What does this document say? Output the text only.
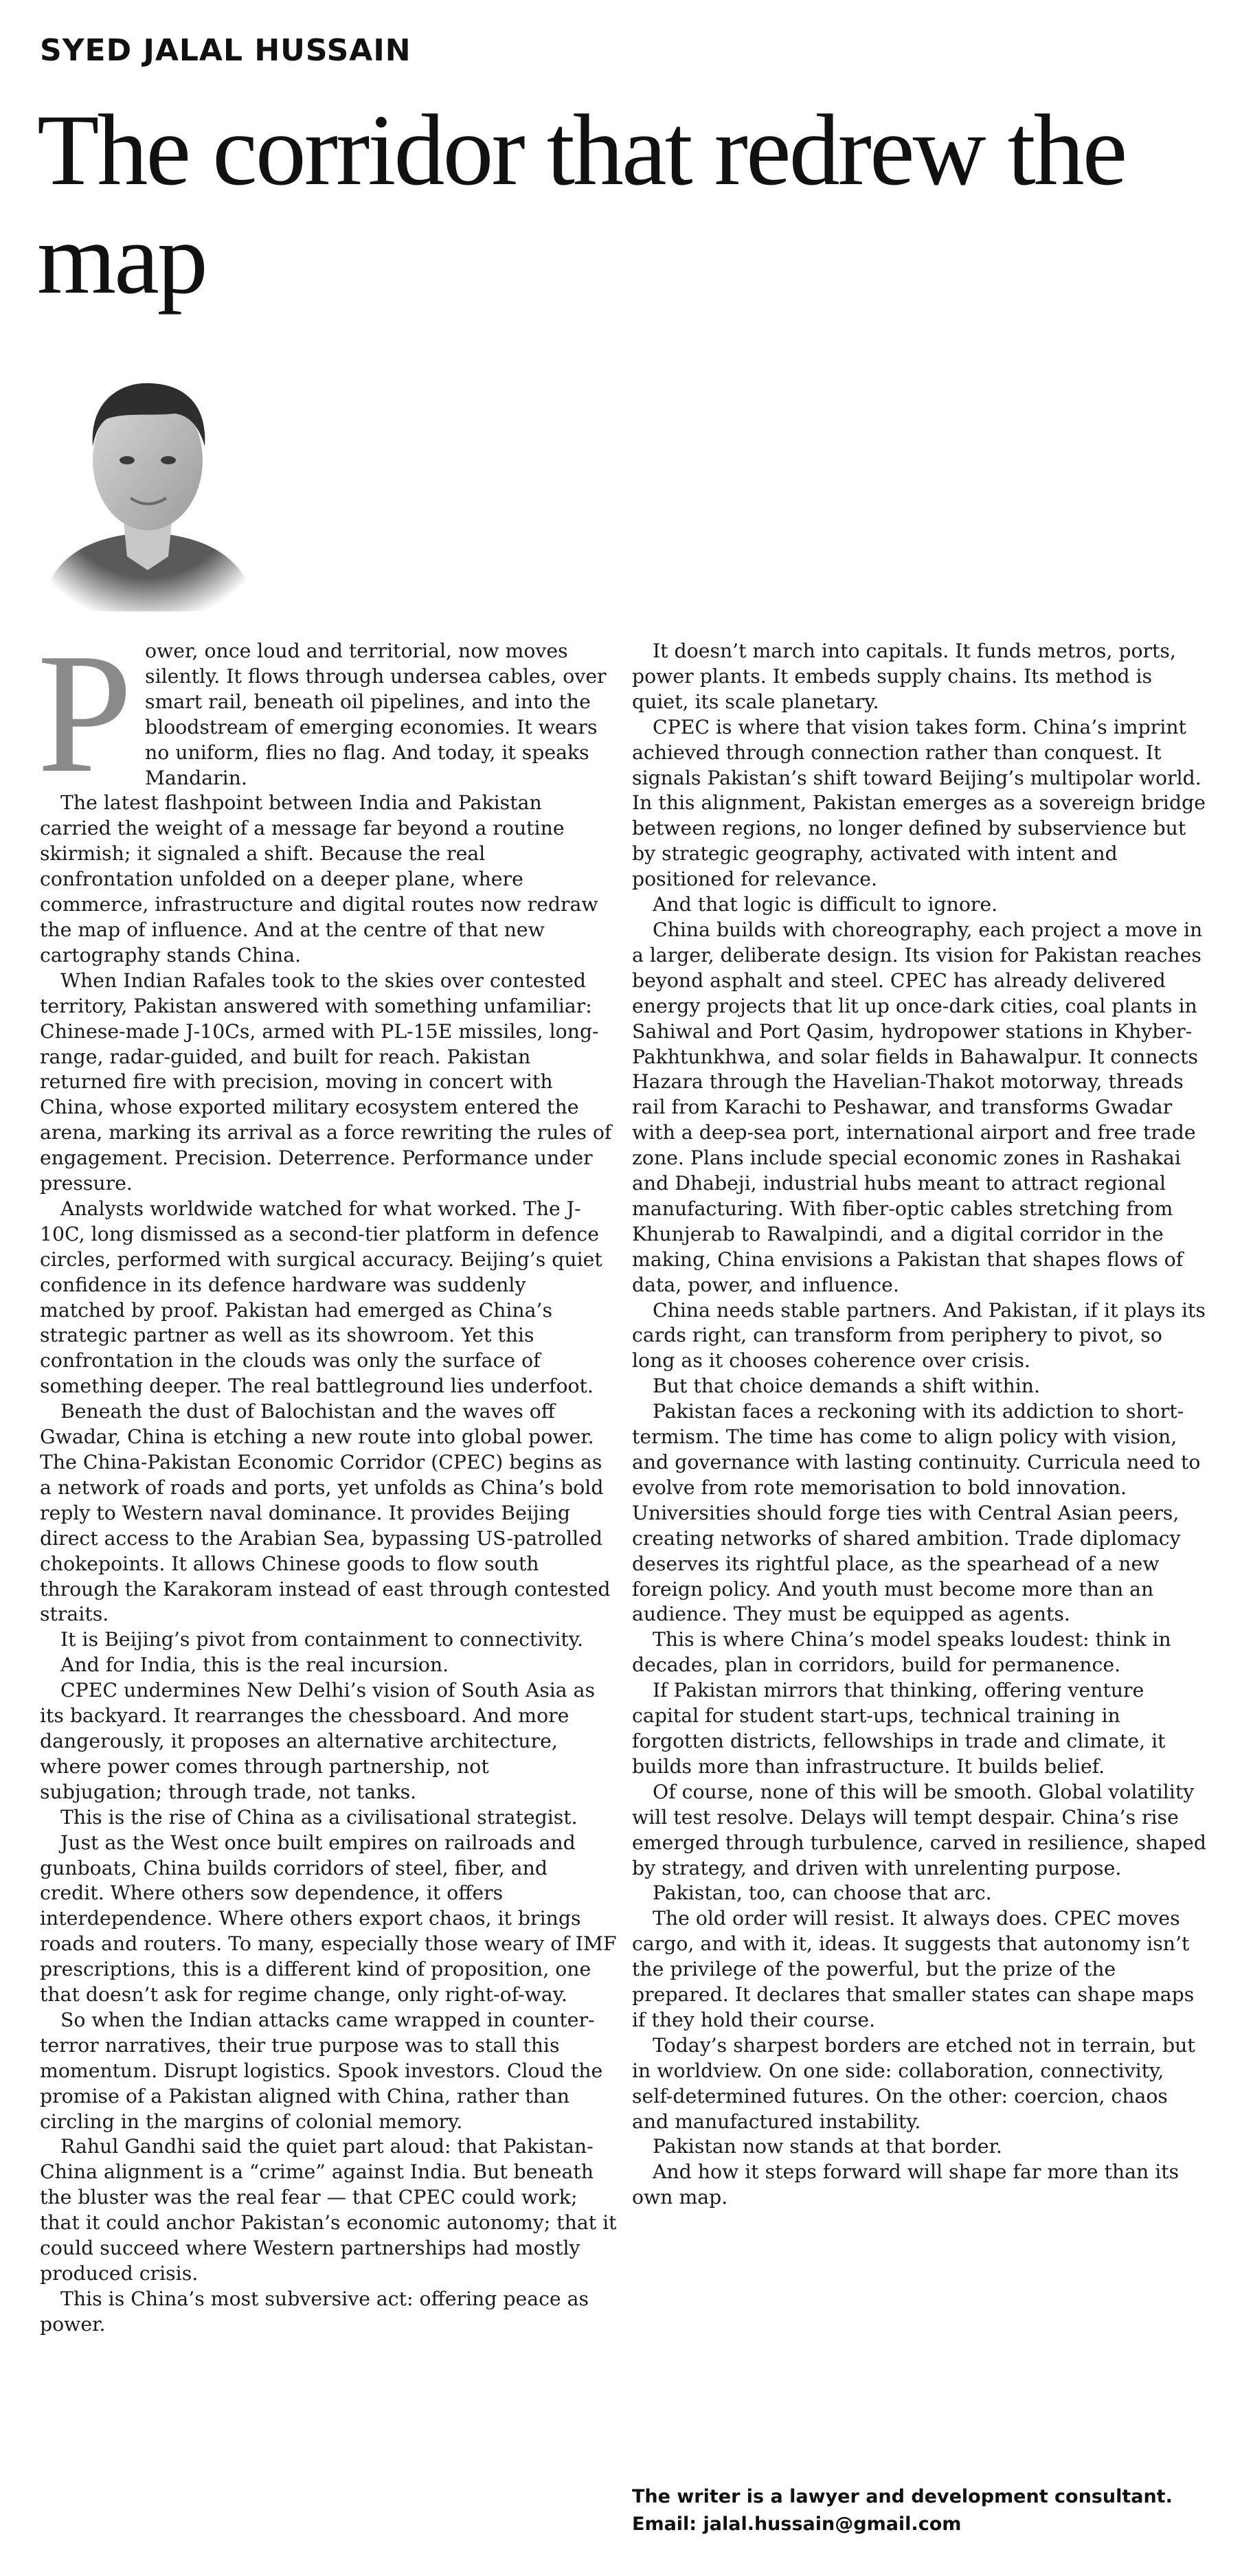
SYED JALAL HUSSAIN
The corridor that redrew the map

Power, once loud and territorial, now moves silently. It flows through undersea cables, over smart rail, beneath oil pipelines, and into the bloodstream of emerging economies. It wears no uniform, flies no flag. And today, it speaks Mandarin.

The latest flashpoint between India and Pakistan carried the weight of a message far beyond a routine skirmish; it signaled a shift. Because the real confrontation unfolded on a deeper plane, where commerce, infrastructure and digital routes now redraw the map of influence. And at the centre of that new cartography stands China.

When Indian Rafales took to the skies over contested territory, Pakistan answered with something unfamiliar: Chinese-made J-10Cs, armed with PL-15E missiles, long-range, radar-guided, and built for reach. Pakistan returned fire with precision, moving in concert with China, whose exported military ecosystem entered the arena, marking its arrival as a force rewriting the rules of engagement. Precision. Deterrence. Performance under pressure.

Analysts worldwide watched for what worked. The J-10C, long dismissed as a second-tier platform in defence circles, performed with surgical accuracy. Beijing’s quiet confidence in its defence hardware was suddenly matched by proof. Pakistan had emerged as China’s strategic partner as well as its showroom. Yet this confrontation in the clouds was only the surface of something deeper. The real battleground lies underfoot.

Beneath the dust of Balochistan and the waves off Gwadar, China is etching a new route into global power. The China-Pakistan Economic Corridor (CPEC) begins as a network of roads and ports, yet unfolds as China’s bold reply to Western naval dominance. It provides Beijing direct access to the Arabian Sea, bypassing US-patrolled chokepoints. It allows Chinese goods to flow south through the Karakoram instead of east through contested straits.

It is Beijing’s pivot from containment to connectivity.

And for India, this is the real incursion.

CPEC undermines New Delhi’s vision of South Asia as its backyard. It rearranges the chessboard. And more dangerously, it proposes an alternative architecture, where power comes through partnership, not subjugation; through trade, not tanks.

This is the rise of China as a civilisational strategist.

Just as the West once built empires on railroads and gunboats, China builds corridors of steel, fiber, and credit. Where others sow dependence, it offers interdependence. Where others export chaos, it brings roads and routers. To many, especially those weary of IMF prescriptions, this is a different kind of proposition, one that doesn’t ask for regime change, only right-of-way.

So when the Indian attacks came wrapped in counter-terror narratives, their true purpose was to stall this momentum. Disrupt logistics. Spook investors. Cloud the promise of a Pakistan aligned with China, rather than circling in the margins of colonial memory.

Rahul Gandhi said the quiet part aloud: that Pakistan-China alignment is a “crime” against India. But beneath the bluster was the real fear — that CPEC could work; that it could anchor Pakistan’s economic autonomy; that it could succeed where Western partnerships had mostly produced crisis.

This is China’s most subversive act: offering peace as power.

It doesn’t march into capitals. It funds metros, ports, power plants. It embeds supply chains. Its method is quiet, its scale planetary.

CPEC is where that vision takes form. China’s imprint achieved through connection rather than conquest. It signals Pakistan’s shift toward Beijing’s multipolar world. In this alignment, Pakistan emerges as a sovereign bridge between regions, no longer defined by subservience but by strategic geography, activated with intent and positioned for relevance.

And that logic is difficult to ignore.

China builds with choreography, each project a move in a larger, deliberate design. Its vision for Pakistan reaches beyond asphalt and steel. CPEC has already delivered energy projects that lit up once-dark cities, coal plants in Sahiwal and Port Qasim, hydropower stations in Khyber-Pakhtunkhwa, and solar fields in Bahawalpur. It connects Hazara through the Havelian-Thakot motorway, threads rail from Karachi to Peshawar, and transforms Gwadar with a deep-sea port, international airport and free trade zone. Plans include special economic zones in Rashakai and Dhabeji, industrial hubs meant to attract regional manufacturing. With fiber-optic cables stretching from Khunjerab to Rawalpindi, and a digital corridor in the making, China envisions a Pakistan that shapes flows of data, power, and influence.

China needs stable partners. And Pakistan, if it plays its cards right, can transform from periphery to pivot, so long as it chooses coherence over crisis.

But that choice demands a shift within.

Pakistan faces a reckoning with its addiction to short-termism. The time has come to align policy with vision, and governance with lasting continuity. Curricula need to evolve from rote memorisation to bold innovation. Universities should forge ties with Central Asian peers, creating networks of shared ambition. Trade diplomacy deserves its rightful place, as the spearhead of a new foreign policy. And youth must become more than an audience. They must be equipped as agents.

This is where China’s model speaks loudest: think in decades, plan in corridors, build for permanence.

If Pakistan mirrors that thinking, offering venture capital for student start-ups, technical training in forgotten districts, fellowships in trade and climate, it builds more than infrastructure. It builds belief.

Of course, none of this will be smooth. Global volatility will test resolve. Delays will tempt despair. China’s rise emerged through turbulence, carved in resilience, shaped by strategy, and driven with unrelenting purpose.

Pakistan, too, can choose that arc.

The old order will resist. It always does. CPEC moves cargo, and with it, ideas. It suggests that autonomy isn’t the privilege of the powerful, but the prize of the prepared. It declares that smaller states can shape maps if they hold their course.

Today’s sharpest borders are etched not in terrain, but in worldview. On one side: collaboration, connectivity, self-determined futures. On the other: coercion, chaos and manufactured instability.

Pakistan now stands at that border.

And how it steps forward will shape far more than its own map.

The writer is a lawyer and development consultant.
Email: jalal.hussain@gmail.com
